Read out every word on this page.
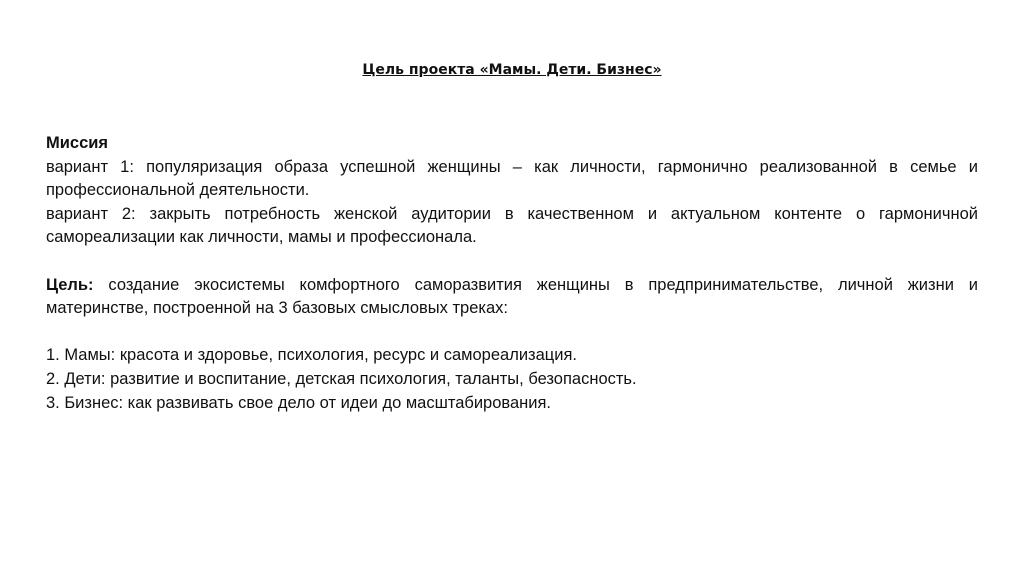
Цель проекта «Мамы. Дети. Бизнес»
Миссия
вариант 1: популяризация образа успешной женщины – как личности, гармонично реализованной в семье и профессиональной деятельности.
вариант 2: закрыть потребность женской аудитории в качественном и актуальном контенте о гармоничной самореализации как личности, мамы и профессионала.
Цель: создание экосистемы комфортного саморазвития женщины в предпринимательстве, личной жизни и материнстве, построенной на 3 базовых смысловых треках:
1. Мамы: красота и здоровье, психология, ресурс и самореализация.
2. Дети: развитие и воспитание, детская психология, таланты, безопасность.
3. Бизнес: как развивать свое дело от идеи до масштабирования.
